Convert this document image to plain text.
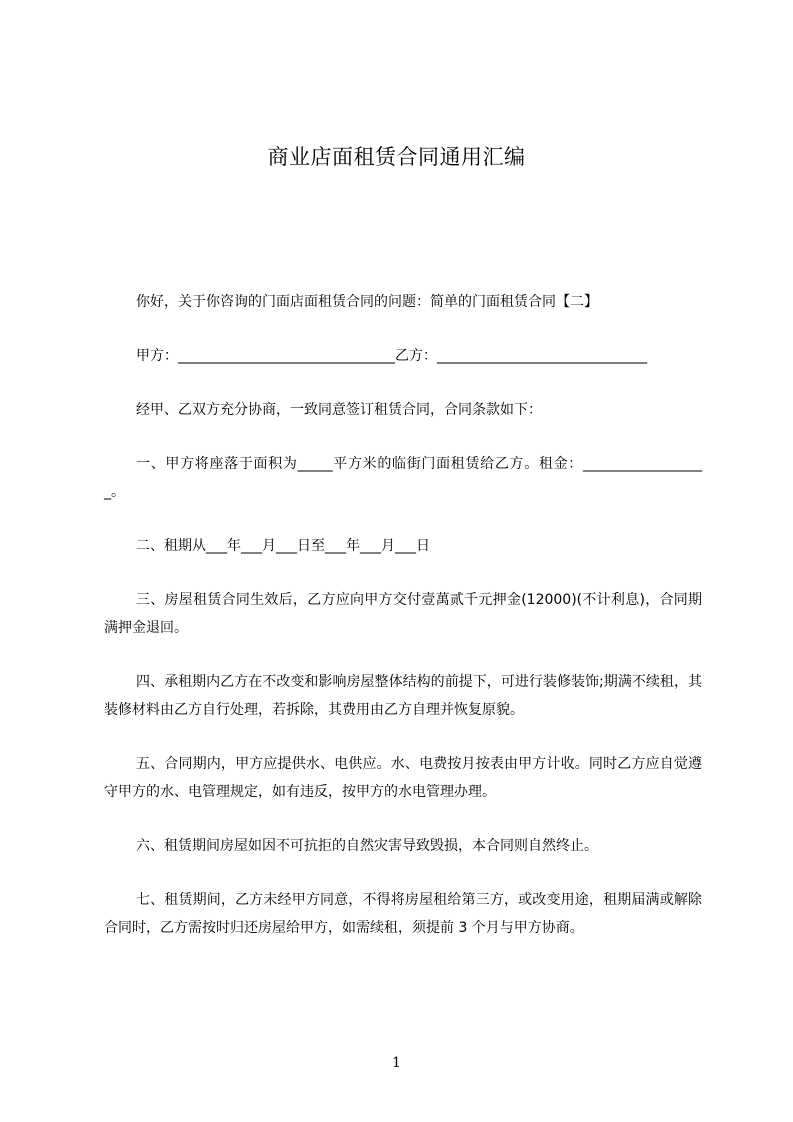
商业店面租赁合同通用汇编

你好，关于你咨询的门面店面租赁合同的问题：简单的门面租赁合同【二】

甲方：_______________________________乙方：______________________________

经甲、乙双方充分协商，一致同意签订租赁合同，合同条款如下：

一、甲方将座落于面积为_____平方米的临街门面租赁给乙方。租金：__________________。

二、租期从___年___月___日至___年___月___日

三、房屋租赁合同生效后，乙方应向甲方交付壹萬贰千元押金(12000)(不计利息)，合同期满押金退回。

四、承租期内乙方在不改变和影响房屋整体结构的前提下，可进行装修装饰;期满不续租，其装修材料由乙方自行处理，若拆除，其费用由乙方自理并恢复原貌。

五、合同期内，甲方应提供水、电供应。水、电费按月按表由甲方计收。同时乙方应自觉遵守甲方的水、电管理规定，如有违反，按甲方的水电管理办理。

六、租赁期间房屋如因不可抗拒的自然灾害导致毁损，本合同则自然终止。

七、租赁期间，乙方未经甲方同意，不得将房屋租给第三方，或改变用途，租期届满或解除合同时，乙方需按时归还房屋给甲方，如需续租，须提前 3 个月与甲方协商。

1
